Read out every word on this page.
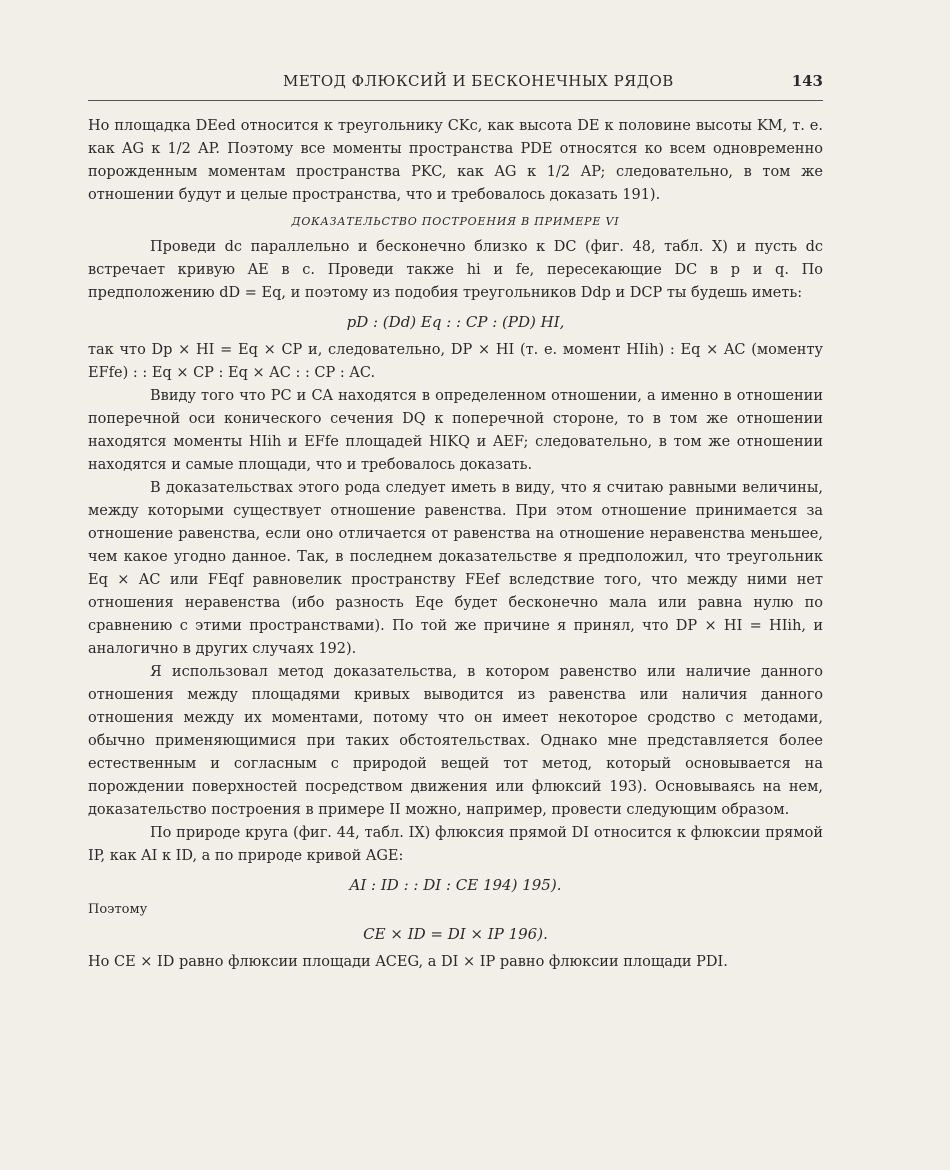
МЕТОД ФЛЮКСИЙ И БЕСКОНЕЧНЫХ РЯДОВ	143

Но площадка DEed относится к треугольнику CKc, как высота DE к половине высоты KM, т. е. как AG к 1/2 AP. Поэтому все моменты пространства PDE относятся ко всем одновременно порожденным моментам пространства PKC, как AG к 1/2 AP; следовательно, в том же отношении будут и целые пространства, что и требовалось доказать 191).

ДОКАЗАТЕЛЬСТВО ПОСТРОЕНИЯ В ПРИМЕРЕ VI

Проведи dc параллельно и бесконечно близко к DC (фиг. 48, табл. X) и пусть dc встречает кривую AE в c. Проведи также hi и fe, пересекающие DC в p и q. По предположению dD = Eq, и поэтому из подобия треугольников Ddp и DCP ты будешь иметь:

pD : (Dd) Eq : : CP : (PD) HI,

так что Dp × HI = Eq × CP и, следовательно, DP × HI (т. е. момент HIih) : Eq × AC (моменту EFfe) : : Eq × CP : Eq × AC : : CP : AC.

Ввиду того что PC и CA находятся в определенном отношении, а именно в отношении поперечной оси конического сечения DQ к поперечной стороне, то в том же отношении находятся моменты HIih и EFfe площадей HIKQ и AEF; следовательно, в том же отношении находятся и самые площади, что и требовалось доказать.

В доказательствах этого рода следует иметь в виду, что я считаю равными величины, между которыми существует отношение равенства. При этом отношение принимается за отношение равенства, если оно отличается от равенства на отношение неравенства меньшее, чем какое угодно данное. Так, в последнем доказательстве я предположил, что треугольник Eq × AC или FEqf равновелик пространству FEef вследствие того, что между ними нет отношения неравенства (ибо разность Eqe будет бесконечно мала или равна нулю по сравнению с этими пространствами). По той же причине я принял, что DP × HI = HIih, и аналогично в других случаях 192).

Я использовал метод доказательства, в котором равенство или наличие данного отношения между площадями кривых выводится из равенства или наличия данного отношения между их моментами, потому что он имеет некоторое сродство с методами, обычно применяющимися при таких обстоятельствах. Однако мне представляется более естественным и согласным с природой вещей тот метод, который основывается на порождении поверхностей посредством движения или флюксий 193). Основываясь на нем, доказательство построения в примере II можно, например, провести следующим образом.

По природе круга (фиг. 44, табл. IX) флюксия прямой DI относится к флюксии прямой IP, как AI к ID, а по природе кривой AGE:

AI : ID : : DI : CE 194) 195).
Поэтому
CE × ID = DI × IP 196).

Но CE × ID равно флюксии площади ACEG, а DI × IP равно флюксии площади PDI.
